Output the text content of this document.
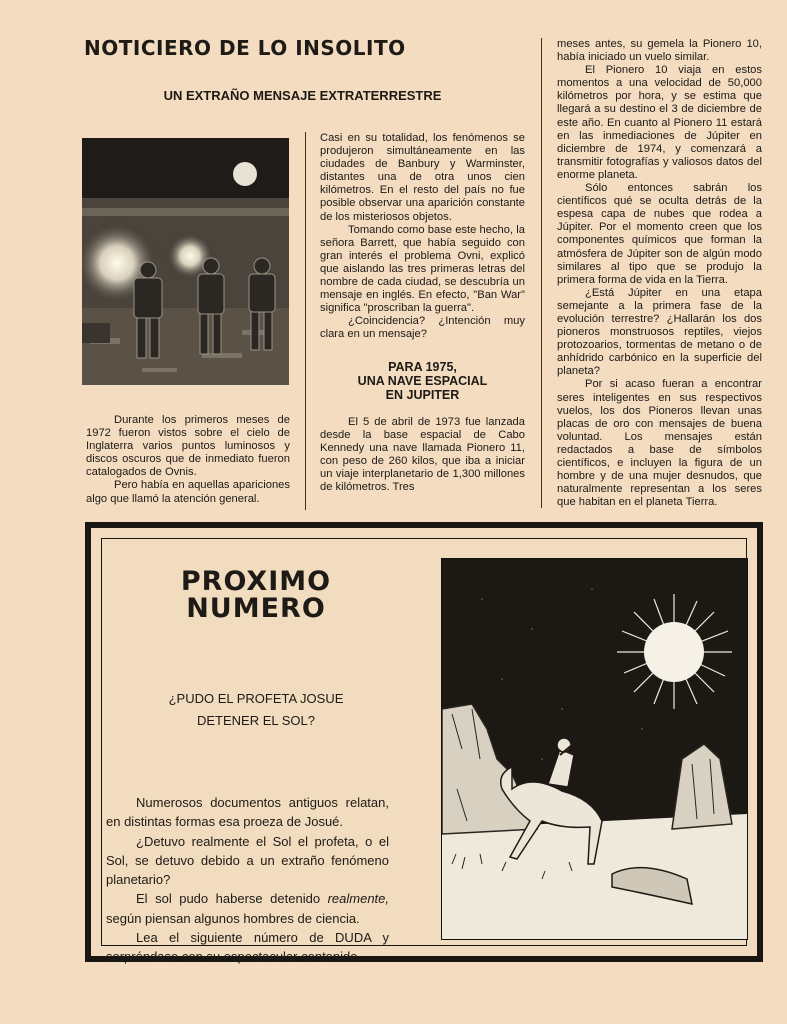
NOTICIERO DE LO INSOLITO
UN EXTRAÑO MENSAJE EXTRATERRESTRE

Durante los primeros meses de 1972 fueron vistos sobre el cielo de Inglaterra varios puntos luminosos y discos oscuros que de inmediato fueron catalogados de Ovnis.

Pero había en aquellas apariciones algo que llamó la atención general.

Casi en su totalidad, los fenómenos se produjeron simultáneamente en las ciudades de Banbury y Warminster, distantes una de otra unos cien kilómetros. En el resto del país no fue posible observar una aparición constante de los misteriosos objetos.

Tomando como base este hecho, la señora Barrett, que había seguido con gran interés el problema Ovni, explicó que aislando las tres primeras letras del nombre de cada ciudad, se descubría un mensaje en inglés. En efecto, "Ban War" significa "proscriban la guerra".

¿Coincidencia? ¿Intención muy clara en un mensaje?

PARA 1975,
UNA NAVE ESPACIAL
EN JUPITER

El 5 de abril de 1973 fue lanzada desde la base espacial de Cabo Kennedy una nave llamada Pionero 11, con peso de 260 kilos, que iba a iniciar un viaje interplanetario de 1,300 millones de kilómetros. Tres

meses antes, su gemela la Pionero 10, había iniciado un vuelo similar.

El Pionero 10 viaja en estos momentos a una velocidad de 50,000 kilómetros por hora, y se estima que llegará a su destino el 3 de diciembre de este año. En cuanto al Pionero 11 estará en las inmediaciones de Júpiter en diciembre de 1974, y comenzará a transmitir fotografías y valiosos datos del enorme planeta.

Sólo entonces sabrán los científicos qué se oculta detrás de la espesa capa de nubes que rodea a Júpiter. Por el momento creen que los componentes químicos que forman la atmósfera de Júpiter son de algún modo similares al tipo que se produjo la primera forma de vida en la Tierra.

¿Está Júpiter en una etapa semejante a la primera fase de la evolución terrestre? ¿Hallarán los dos pioneros monstruosos reptiles, viejos protozoarios, tormentas de metano o de anhídrido carbónico en la superficie del planeta?

Por si acaso fueran a encontrar seres inteligentes en sus respectivos vuelos, los dos Pioneros llevan unas placas de oro con mensajes de buena voluntad. Los mensajes están redactados a base de símbolos científicos, e incluyen la figura de un hombre y de una mujer desnudos, que naturalmente representan a los seres que habitan en el planeta Tierra.

PROXIMO
NUMERO
¿PUDO EL PROFETA JOSUE
DETENER EL SOL?

Numerosos documentos antiguos relatan, en distintas formas esa proeza de Josué.

¿Detuvo realmente el Sol el profeta, o el Sol, se detuvo debido a un extraño fenómeno planetario?

El sol pudo haberse detenido realmente, según piensan algunos hombres de ciencia.

Lea el siguiente número de DUDA y sorpréndase con su espectacular contenido.
